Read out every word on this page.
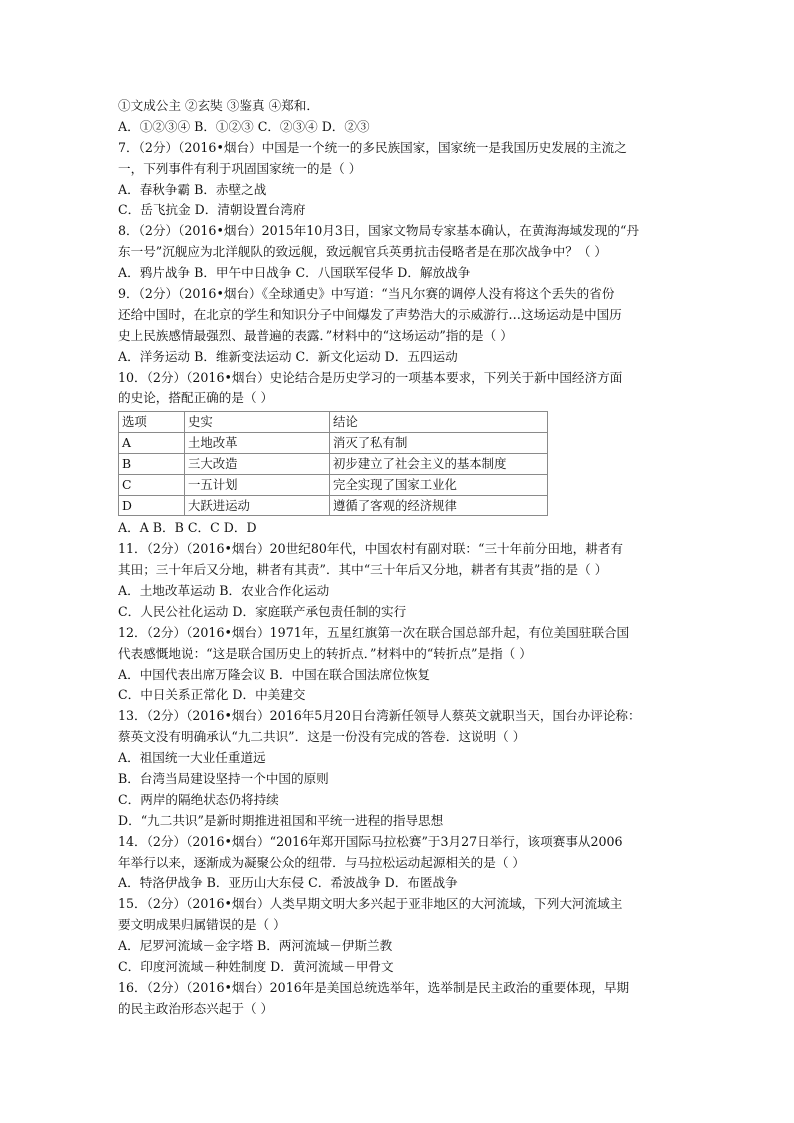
①文成公主 ②玄奘 ③鉴真 ④郑和．
A．①②③④ B．①②③ C．②③④ D．②③
7．（2分）（2016•烟台）中国是一个统一的多民族国家，国家统一是我国历史发展的主流之
一，下列事件有利于巩固国家统一的是（ ）
A．春秋争霸 B．赤壁之战
C．岳飞抗金 D．清朝设置台湾府
8．（2分）（2016•烟台）2015年10月3日，国家文物局专家基本确认，在黄海海域发现的“丹
东一号”沉舰应为北洋舰队的致远舰，致远舰官兵英勇抗击侵略者是在那次战争中？（ ）
A．鸦片战争 B．甲午中日战争 C．八国联军侵华 D．解放战争
9．（2分）（2016•烟台）《全球通史》中写道：“当凡尔赛的调停人没有将这个丢失的省份
还给中国时，在北京的学生和知识分子中间爆发了声势浩大的示威游行…这场运动是中国历
史上民族感情最强烈、最普遍的表露．”材料中的“这场运动”指的是（ ）
A．洋务运动 B．维新变法运动 C．新文化运动 D．五四运动
10．（2分）（2016•烟台）史论结合是历史学习的一项基本要求，下列关于新中国经济方面
的史论，搭配正确的是（ ）
选项	史实	结论
A	土地改革	消灭了私有制
B	三大改造	初步建立了社会主义的基本制度
C	一五计划	完全实现了国家工业化
D	大跃进运动	遵循了客观的经济规律
A．A B．B C．C D．D
11．（2分）（2016•烟台）20世纪80年代，中国农村有副对联：“三十年前分田地，耕者有
其田；三十年后又分地，耕者有其责”．其中“三十年后又分地，耕者有其责”指的是（ ）
A．土地改革运动 B．农业合作化运动
C．人民公社化运动 D．家庭联产承包责任制的实行
12．（2分）（2016•烟台）1971年，五星红旗第一次在联合国总部升起，有位美国驻联合国
代表感慨地说：“这是联合国历史上的转折点．”材料中的“转折点”是指（ ）
A．中国代表出席万隆会议 B．中国在联合国法席位恢复
C．中日关系正常化 D．中美建交
13．（2分）（2016•烟台）2016年5月20日台湾新任领导人蔡英文就职当天，国台办评论称：
蔡英文没有明确承认“九二共识”．这是一份没有完成的答卷．这说明（ ）
A．祖国统一大业任重道远
B．台湾当局建设坚持一个中国的原则
C．两岸的隔绝状态仍将持续
D．“九二共识”是新时期推进祖国和平统一进程的指导思想
14．（2分）（2016•烟台）“2016年郑开国际马拉松赛”于3月27日举行，该项赛事从2006
年举行以来，逐渐成为凝聚公众的纽带．与马拉松运动起源相关的是（ ）
A．特洛伊战争 B．亚历山大东侵 C．希波战争 D．布匿战争
15．（2分）（2016•烟台）人类早期文明大多兴起于亚非地区的大河流域，下列大河流域主
要文明成果归属错误的是（ ）
A．尼罗河流域－金字塔 B．两河流域－伊斯兰教
C．印度河流域－种姓制度 D．黄河流域－甲骨文
16．（2分）（2016•烟台）2016年是美国总统选举年，选举制是民主政治的重要体现，早期
的民主政治形态兴起于（ ）
